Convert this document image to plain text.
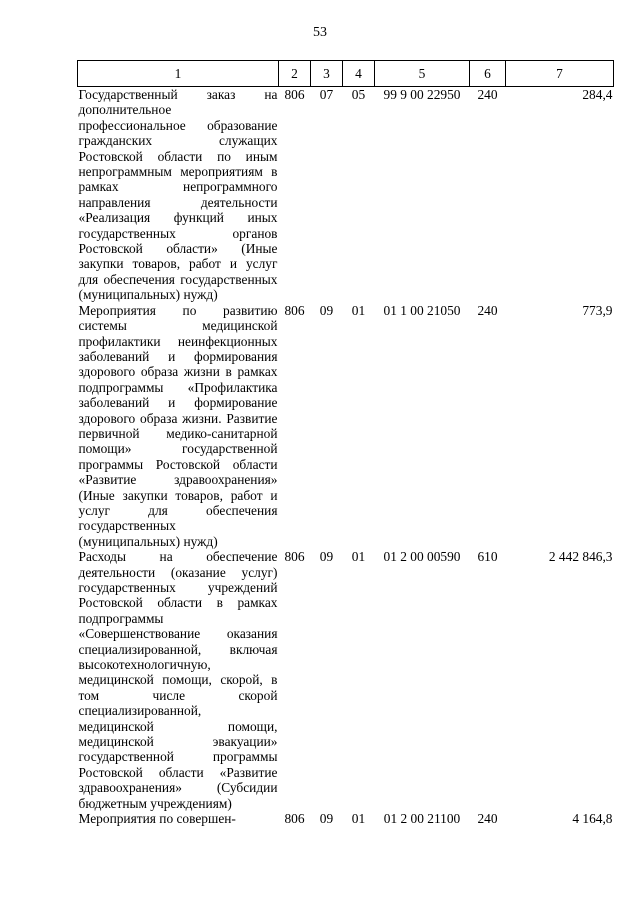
53
1	2	3	4	5	6	7
Государственный заказ на дополнительное профессиональное образование гражданских служащих Ростовской области по иным непрограммным мероприятиям в рамках непрограммного направления деятельности «Реализация функций иных государственных органов Ростовской области» (Иные закупки товаров, работ и услуг для обеспечения государственных (муниципальных) нужд)	806	07	05	99 9 00 22950	240	284,4
Мероприятия по развитию системы медицинской профилактики неинфекционных заболеваний и формирования здорового образа жизни в рамках подпрограммы «Профилактика заболеваний и формирование здорового образа жизни. Развитие первичной медико-санитарной помощи» государственной программы Ростовской области «Развитие здравоохранения» (Иные закупки товаров, работ и услуг для обеспечения государственных (муниципальных) нужд)	806	09	01	01 1 00 21050	240	773,9
Расходы на обеспечение деятельности (оказание услуг) государственных учреждений Ростовской области в рамках подпрограммы «Совершенствование оказания специализированной, включая высокотехнологичную, медицинской помощи, скорой, в том числе скорой специализированной, медицинской помощи, медицинской эвакуации» государственной программы Ростовской области «Развитие здравоохранения» (Субсидии бюджетным учреждениям)	806	09	01	01 2 00 00590	610	2 442 846,3
Мероприятия по совершен-	806	09	01	01 2 00 21100	240	4 164,8
